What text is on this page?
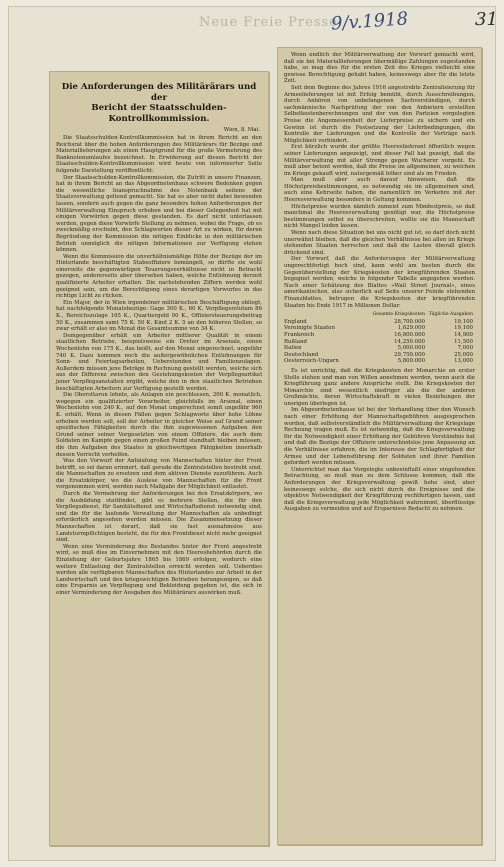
Neue Freie Presse
9/v.1918	31
Die Anforderungen des Militärärars und der
Bericht der Staatsschulden-Kontrollkommission.
Wien, 8. Mai.

Die Staatsschulden-Kontrollkommission hat in ihrem Bericht an den Reichsrat über die hohen Anforderungen des Militärärars für Bezüge und Materiallieferungen als einen Hauptgrund für die große Vermehrung des Banknotenumlaufes bezeichnet. In Erwiderung auf diesen Bericht der Staatsschulden-Kontrollkommission wird heute von informierter Seite folgende Darstellung veröffentlicht:

Der Staatsschulden-Kontrollkommission, die Zutritt in unsere Finanzen, hat in ihrem Bericht an das Abgeordnetenhaus schwere Bedenken gegen die wesentliche Inanspruchnahme des Notenbank seitens der Staatsverwaltung geltend gemacht. Sie hat es aber nicht dabei bewenden lassen, sondern auch gegen die ganz besonders hohen Anforderungen der Militärverwaltung Einspruch erhoben und bei dieser Gelegenheit hat mit einigen Vorwürfen gegen diese gestanden. Es darf nicht unterlassen werden, gegen diese Vorwürfe Stellung zu nehmen, wobei die Frage, ob es zweckmäßig erscheint, den Schlagworten dieser Art zu wirken, für deren Begründung der Kommission die nötigen Einblicke in den militärischen Betrieb unmöglich die nötigen Informationen zur Verfügung stehen können.

Wenn die Kommission die unverhältnismäßige Höhe der Bezüge der im Hinterlande beschäftigten Stabsoffiziere bemängelt, so dürfte sie wohl einerseits die gegenwärtigen Teuerungsverhältnisse nicht in Betracht gezogen, andererseits aber übersehen haben, welche Entlohnung derzeit qualifizierte Arbeiter erhalten. Die nachstehenden Ziffern werden wohl geeignet sein, um die Berechtigung eines derartigen Vorwurfes in das richtige Licht zu rücken.

Ein Major, der in Wien irgendeiner militärischen Beschäftigung obliegt, hat nachfolgende Monatsbezüge: Gage 300 K., 60 K. Verpflegsrelutum 86 K., Bereichszulage 165 K., Quartiergeld 90 K., Offiziersteuerungsbeitrag 50 K., zusammen samt 75 K. 50 K. Kind 2 K. 5 an den höheren Stellen, so zwar erhält er also im Monat die Gesamtsumme von 34 K.

Demgegenüber erhält ein Arbeiter mittlerer Qualität in einem staatlichen Betriebe, beispielsweise ein Dreher im Arsenale, einen Wochenlohn von 175 K., das heißt, auf den Monat umgerechnet, ungefähr 740 K. Dazu kommen noch die außergewöhnlichen Entlohnungen für Sonn- und Feiertagsarbeiten, Ueberstunden und Familienzulagen. Außerdem müssen jene Beträge in Rechnung gestellt werden, welche sich aus der Differenz zwischen den Gestehungskosten der Verpflegsartikel jener Verpflegsanstalten ergibt, welche den in den staatlichen Betrieben beschäftigten Arbeitern zur Verfügung gestellt werden.

Die Obersttarun lehnte, als Anlagen ein geschlossen, 200 K. monatlich, wogegen ein qualifizierter Vorarbeiter, gleichfalls im Arsenal, einen Wochenlohn von 240 K., auf den Monat umgerechnet somit ungefähr 960 K. erhält. Wenn in diesen Fällen gegen Schlagworte über hohe Löhne erhoben werden soll, soll der Arbeiter in gleicher Weise auf Grund seiner spezifischen Fähigkeiten durch die ihm zugewiesenen Aufgaben den Grund seiner seiner Vorgesetzten von einem Offiziere, die auch dem Soldaten im Kampfe gegen einen großen Feind standhaft bleiben müssen, die ihm Aufgaben des Staates in gleichwertigen Fähigkeiten innerhalb dessen Vorrecht verhelfen.

Was den Vorwurf der Anhäufung von Mannschaften hinter der Front betrifft, so sei daran erinnert, daß gerade die Zentralstellen bestrebt sind, die Mannschaften zu ersetzen und dem aktiven Dienste zuzuführen. Auch die Ersatzkörper, wo die Auslese von Mannschaften für die Front vorgenommen wird, werden nach Maßgabe der Möglichkeit entlastet.

Durch die Vermehrung der Anforderungen bei den Ersatzkörpern, wo die Ausbildung stattfindet, gibt es mehrere Stellen, die für den Verpflegsdienst, für Sanitätsdienst und Wirtschaftsdienst notwendig sind, und die für die laufende Verwaltung der Mannschaften als unbedingt erforderlich angesehen werden müssen. Die Zusammensetzung dieser Mannschaften ist derart, daß sie fast ausnahmslos aus Landsturmpflichtigen besteht, die für den Frontdienst nicht mehr geeignet sind.

Wenn eine Verminderung des Bestandes hinter der Front angestrebt wird, so muß dies im Einvernehmen mit den Heeresbehörden durch die Einziehung der Geburtsjahre 1865 bis 1869 erfolgen, wodurch eine weitere Entlastung der Zentralstellen erreicht werden soll. Ueberdies werden alle verfügbaren Mannschaften des Hinterlandes zur Arbeit in der Landwirtschaft und den kriegswichtigen Betrieben herangezogen, so daß eine Ersparnis an Verpflegung und Bekleidung gegeben ist, die sich in einer Verminderung der Ausgaben des Militärärars auswirken muß.

Wenn endlich der Militärverwaltung der Vorwurf gemacht wird, daß sie bei Materiallieferungen übermäßige Zahlungen zugestanden habe, so mag dies für die ersten Zeit des Krieges vielleicht eine gewisse Berechtigung gehabt haben, keineswegs aber für die letzte Zeit.

Seit dem Beginne des Jahres 1916 angestrebte Zentralisierung für Armeelieferungen ist mit Erfolg bemüht, durch Ausschreibungen, durch Anhören von unbefangenen Sachverständigen, durch sachmännische Nachprüfung der von den Anbietern erstellten Selbstkostenberechnungen und der von den Parteien vorgelegten Preise die Angemessenheit der Lieferpreise zu sichern und ein Gewinn ist durch die Festsetzung der Lieferbedingungen, die Kontrolle der Lieferungen und die Kontrolle der Verträge nach Möglichkeit verhindert.

Erst kürzlich wurde der größte Heereslieferant öffentlich wegen seiner Lieferungen angezeigt, und dieser Fall hat gezeigt, daß die Militärverwaltung mit aller Strenge gegen Wucherer vorgeht. Es muß aber betont werden, daß die Preise im allgemeinen, zu welchen im Kriege gekauft wird, naturgemäß höher sind als im Frieden.

Man muß aber auch darauf hinweisen, daß die Höchstpreisbestimmungen, so notwendig sie im allgemeinen sind, auch eine Kehrseite haben, die namentlich im Verkehre mit der Heeresverwaltung besonders in Geltung kommen.

Höchstpreise wurden nämlich zumeist zum Mindestpreis, so daß manchmal die Heeresverwaltung genötigt war, die Höchstpreise bestimmungen selbst zu überschreiten, wollte sie die Mannschaft nicht Mangel leiden lassen.

Wenn nach diese Situation bei uns nicht gut ist, so darf doch nicht unerwähnt bleiben, daß die gleichen Verhältnisse bei allen im Kriege stehenden Staaten herrschen und daß die Lasten überall gleich drückend sind.

Der Vorwurf, daß die Anforderungen der Militärverwaltung ungerechtfertigt hoch sind, kann wohl am besten durch die Gegenüberstellung der Kriegskosten der kriegführenden Staaten begegnet werden, welche in folgender Tabelle angegeben werden. Nach einer Schätzung des Blattes »Wall Street Journal«, eines amerikanischen, also sicherlich auf Seite unserer Feinde stehenden Finanzblattes, betrugen die Kriegskosten der kriegführenden Staaten bis Ende 1917 in Millionen Dollar:

Gesamte Kriegskosten Tägliche Ausgaben
England	28,700.000	19,100
Vereinigte Staaten	1,629.000	19,100
Frankreich	16,800.000	14,900
Rußland	14,250.000	11,500
Italien	5,000.000	7,000
Deutschland	29,750.000	25,000
Oesterreich-Ungarn	5,800.000	13,000

Es ist unrichtig, daß die Kriegskosten der Monarchie an erster Stelle stehen und man von Willen annehmen werden, wenn auch die Kriegführung ganz andere Ansprüche stellt. Die Kriegskosten der Monarchie sind wesentlich niedriger als die der anderen Großmächte, deren Wirtschaftskraft in vielen Beziehungen der unsrigen überlegen ist.

Im Abgeordnetenhause ist bei der Verhandlung über den Wunsch nach einer Erhöhung der Mannschaftsgebühren ausgesprochen worden, daß selbstverständlich die Militärverwaltung der Kriegslage Rechnung tragen muß. Es ist notwendig, daß die Kriegsverwaltung für die Notwendigkeit einer Erhöhung der Gebühren Verständnis hat und daß die Bezüge der Offiziere unterschiedslos jene Anpassung an die Verhältnisse erfahren, die im Interesse der Schlagfertigkeit der Armee und der Lebensführung der Soldaten und ihrer Familien gefordert werden müssen.

Unterrichtet man das Vorgelegte unbeeinflußt einer eingehenden Betrachtung, so muß man zu dem Schlusse kommen, daß die Anforderungen der Kriegsverwaltung gewiß hohe sind, aber keineswegs solche, die sich nicht durch die Ereignisse und die objektive Notwendigkeit der Kriegführung rechtfertigen lassen, und daß die Kriegsverwaltung jede Möglichkeit wahrnimmt, überflüssige Ausgaben zu vermeiden und auf Ersparnisse Bedacht zu nehmen.
